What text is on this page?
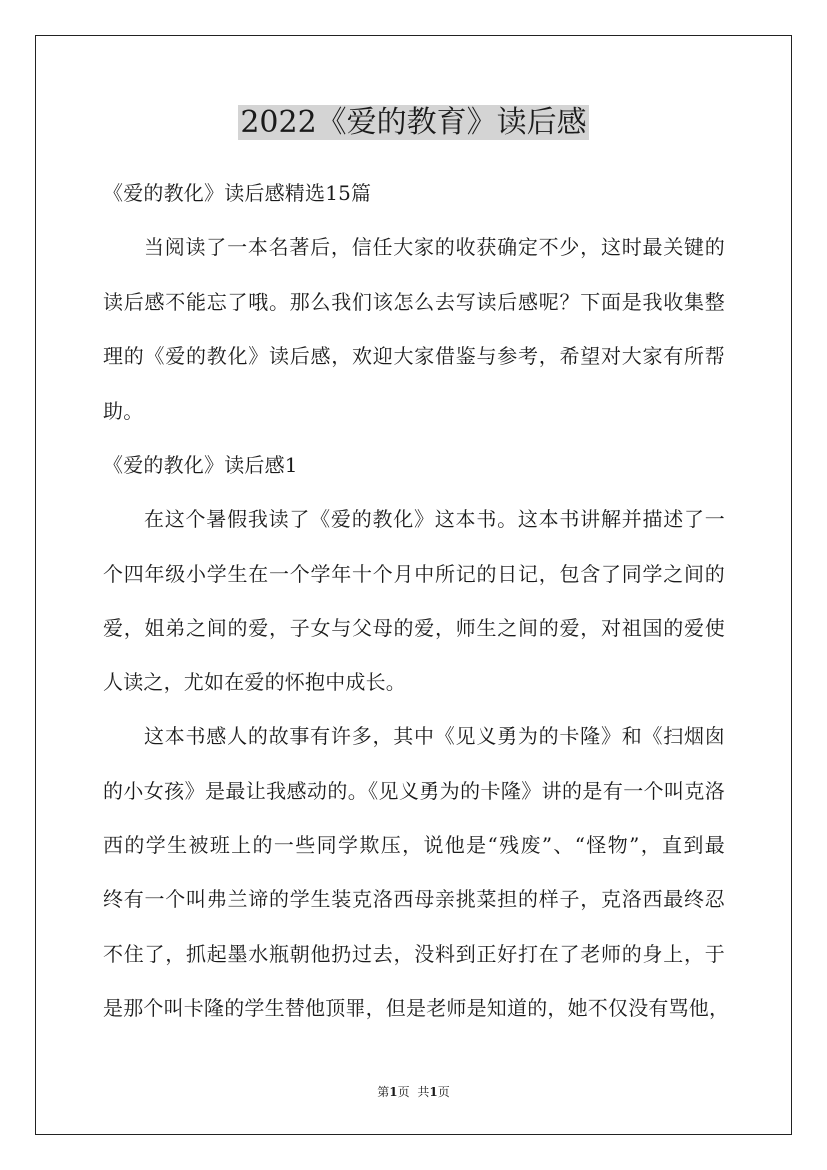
2022《爱的教育》读后感
《爱的教化》读后感精选15篇
当阅读了一本名著后，信任大家的收获确定不少，这时最关键的
读后感不能忘了哦。那么我们该怎么去写读后感呢？下面是我收集整
理的《爱的教化》读后感，欢迎大家借鉴与参考，希望对大家有所帮
助。
《爱的教化》读后感1
在这个暑假我读了《爱的教化》这本书。这本书讲解并描述了一
个四年级小学生在一个学年十个月中所记的日记，包含了同学之间的
爱，姐弟之间的爱，子女与父母的爱，师生之间的爱，对祖国的爱使
人读之，尤如在爱的怀抱中成长。
这本书感人的故事有许多，其中《见义勇为的卡隆》和《扫烟囱
的小女孩》是最让我感动的。《见义勇为的卡隆》讲的是有一个叫克洛
西的学生被班上的一些同学欺压，说他是“残废”、“怪物”，直到最
终有一个叫弗兰谛的学生装克洛西母亲挑菜担的样子，克洛西最终忍
不住了，抓起墨水瓶朝他扔过去，没料到正好打在了老师的身上，于
是那个叫卡隆的学生替他顶罪，但是老师是知道的，她不仅没有骂他，
第1页 共1页
